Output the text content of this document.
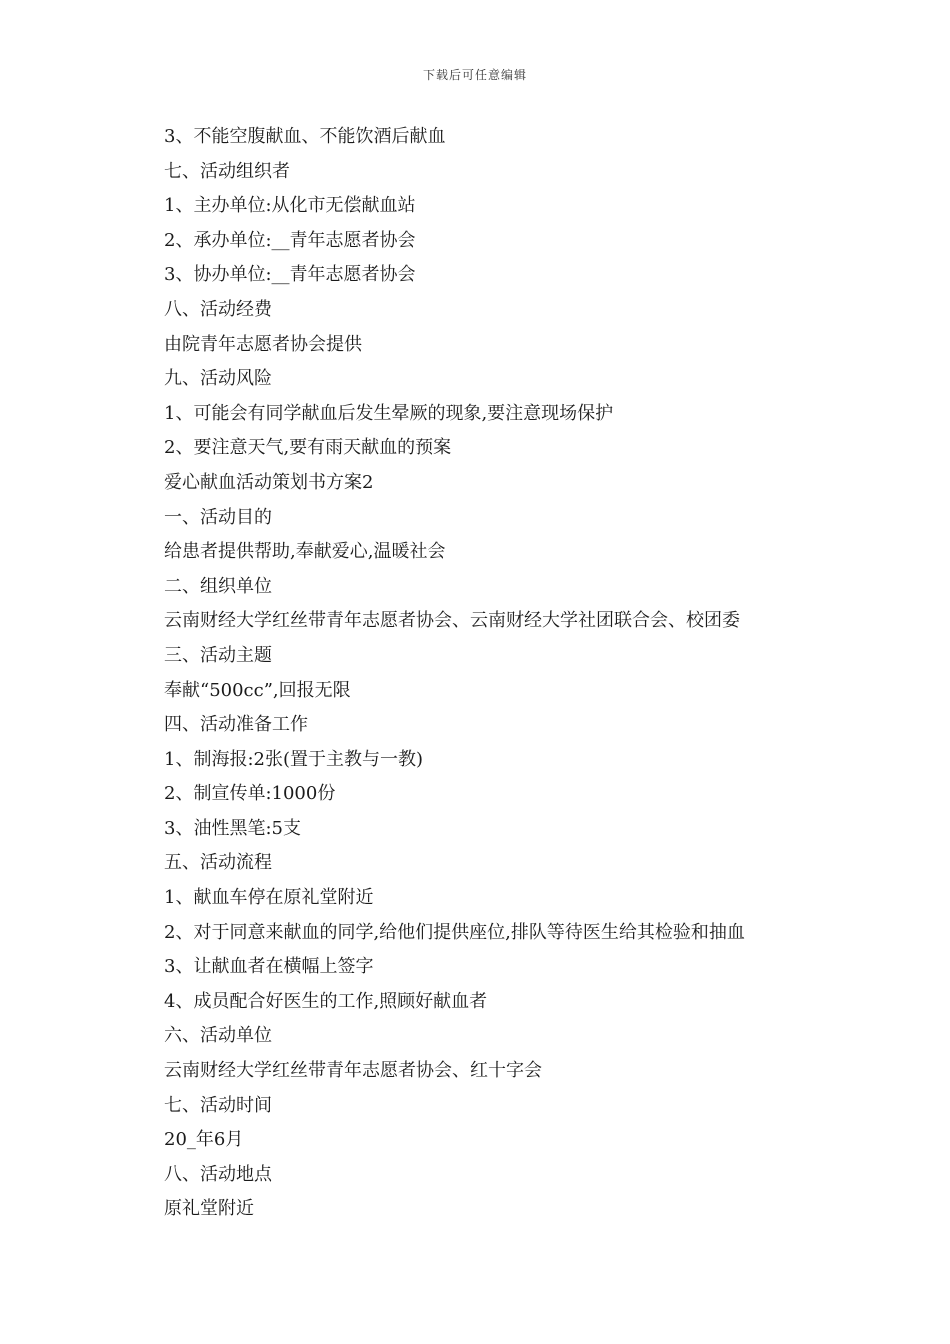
下载后可任意编辑
3、不能空腹献血、不能饮酒后献血
七、活动组织者
1、主办单位:从化市无偿献血站
2、承办单位:__青年志愿者协会
3、协办单位:__青年志愿者协会
八、活动经费
由院青年志愿者协会提供
九、活动风险
1、可能会有同学献血后发生晕厥的现象,要注意现场保护
2、要注意天气,要有雨天献血的预案
爱心献血活动策划书方案2
一、活动目的
给患者提供帮助,奉献爱心,温暖社会
二、组织单位
云南财经大学红丝带青年志愿者协会、云南财经大学社团联合会、校团委
三、活动主题
奉献“500cc”,回报无限
四、活动准备工作
1、制海报:2张(置于主教与一教)
2、制宣传单:1000份
3、油性黑笔:5支
五、活动流程
1、献血车停在原礼堂附近
2、对于同意来献血的同学,给他们提供座位,排队等待医生给其检验和抽血
3、让献血者在横幅上签字
4、成员配合好医生的工作,照顾好献血者
六、活动单位
云南财经大学红丝带青年志愿者协会、红十字会
七、活动时间
20_年6月
八、活动地点
原礼堂附近
